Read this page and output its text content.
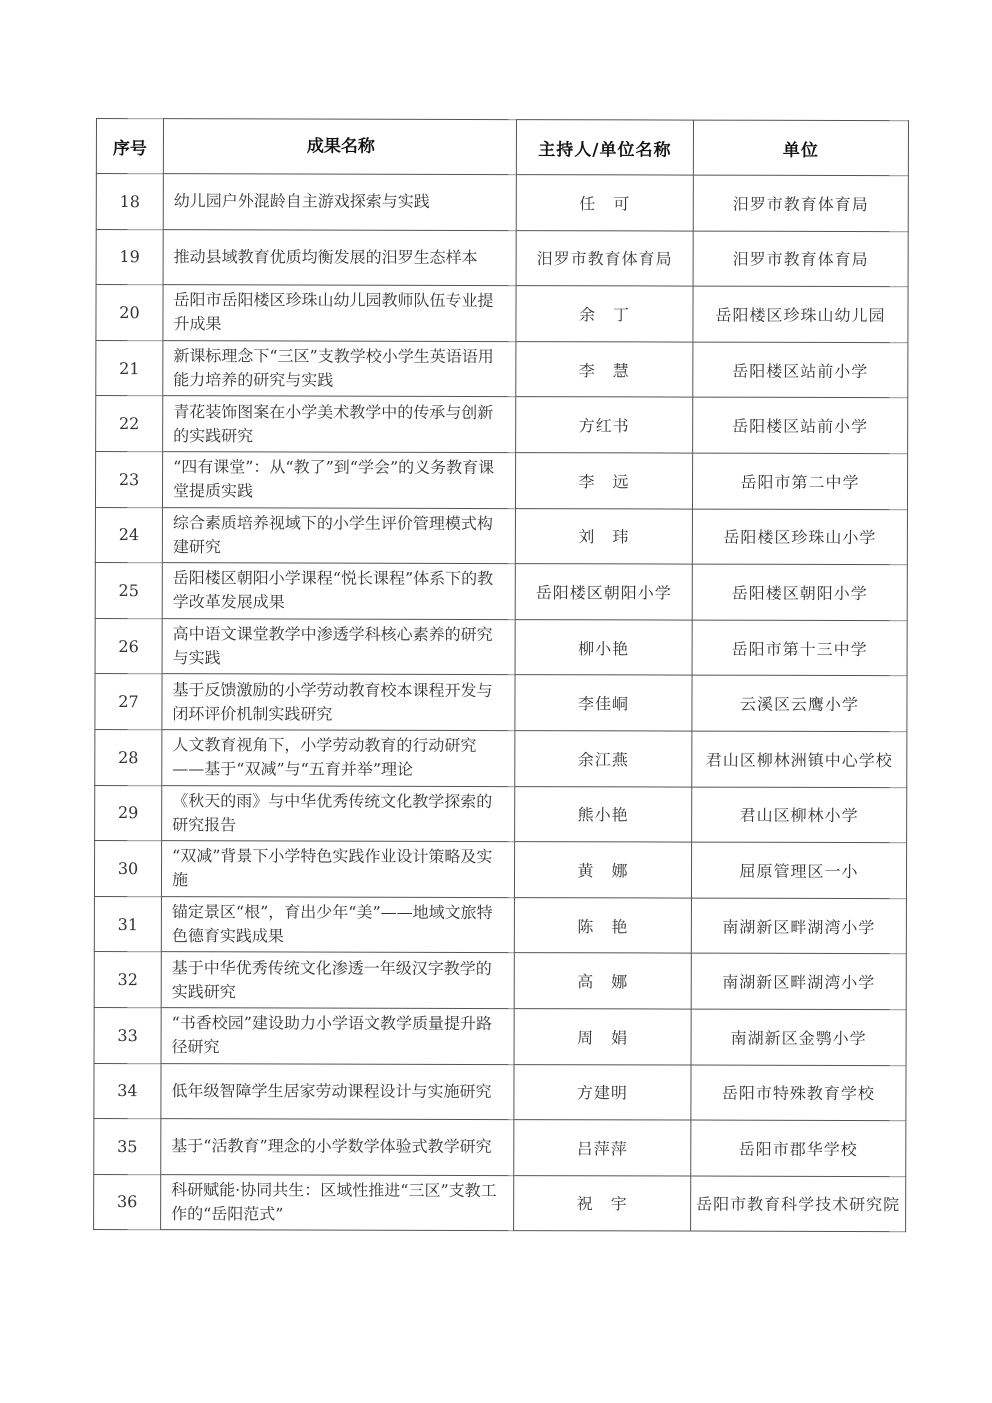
序号	成果名称	主持人/单位名称	单位
18	幼儿园户外混龄自主游戏探索与实践	任　可	汨罗市教育体育局
19	推动县域教育优质均衡发展的汨罗生态样本	汨罗市教育体育局	汨罗市教育体育局
20	岳阳市岳阳楼区珍珠山幼儿园教师队伍专业提升成果	余　丁	岳阳楼区珍珠山幼儿园
21	新课标理念下“三区”支教学校小学生英语语用能力培养的研究与实践	李　慧	岳阳楼区站前小学
22	青花装饰图案在小学美术教学中的传承与创新的实践研究	方红书	岳阳楼区站前小学
23	“四有课堂”：从“教了”到“学会”的义务教育课堂提质实践	李　远	岳阳市第二中学
24	综合素质培养视域下的小学生评价管理模式构建研究	刘　玮	岳阳楼区珍珠山小学
25	岳阳楼区朝阳小学课程“悦长课程”体系下的教学改革发展成果	岳阳楼区朝阳小学	岳阳楼区朝阳小学
26	高中语文课堂教学中渗透学科核心素养的研究与实践	柳小艳	岳阳市第十三中学
27	基于反馈激励的小学劳动教育校本课程开发与闭环评价机制实践研究	李佳峒	云溪区云鹰小学
28	人文教育视角下，小学劳动教育的行动研究——基于“双减”与“五育并举”理论	余江燕	君山区柳林洲镇中心学校
29	《秋天的雨》与中华优秀传统文化教学探索的研究报告	熊小艳	君山区柳林小学
30	“双减”背景下小学特色实践作业设计策略及实施	黄　娜	屈原管理区一小
31	锚定景区“根”，育出少年“美”——地域文旅特色德育实践成果	陈　艳	南湖新区畔湖湾小学
32	基于中华优秀传统文化渗透一年级汉字教学的实践研究	高　娜	南湖新区畔湖湾小学
33	“书香校园”建设助力小学语文教学质量提升路径研究	周　娟	南湖新区金鹗小学
34	低年级智障学生居家劳动课程设计与实施研究	方建明	岳阳市特殊教育学校
35	基于“活教育”理念的小学数学体验式教学研究	吕萍萍	岳阳市郡华学校
36	科研赋能·协同共生：区域性推进“三区”支教工作的“岳阳范式”	祝　宇	岳阳市教育科学技术研究院
